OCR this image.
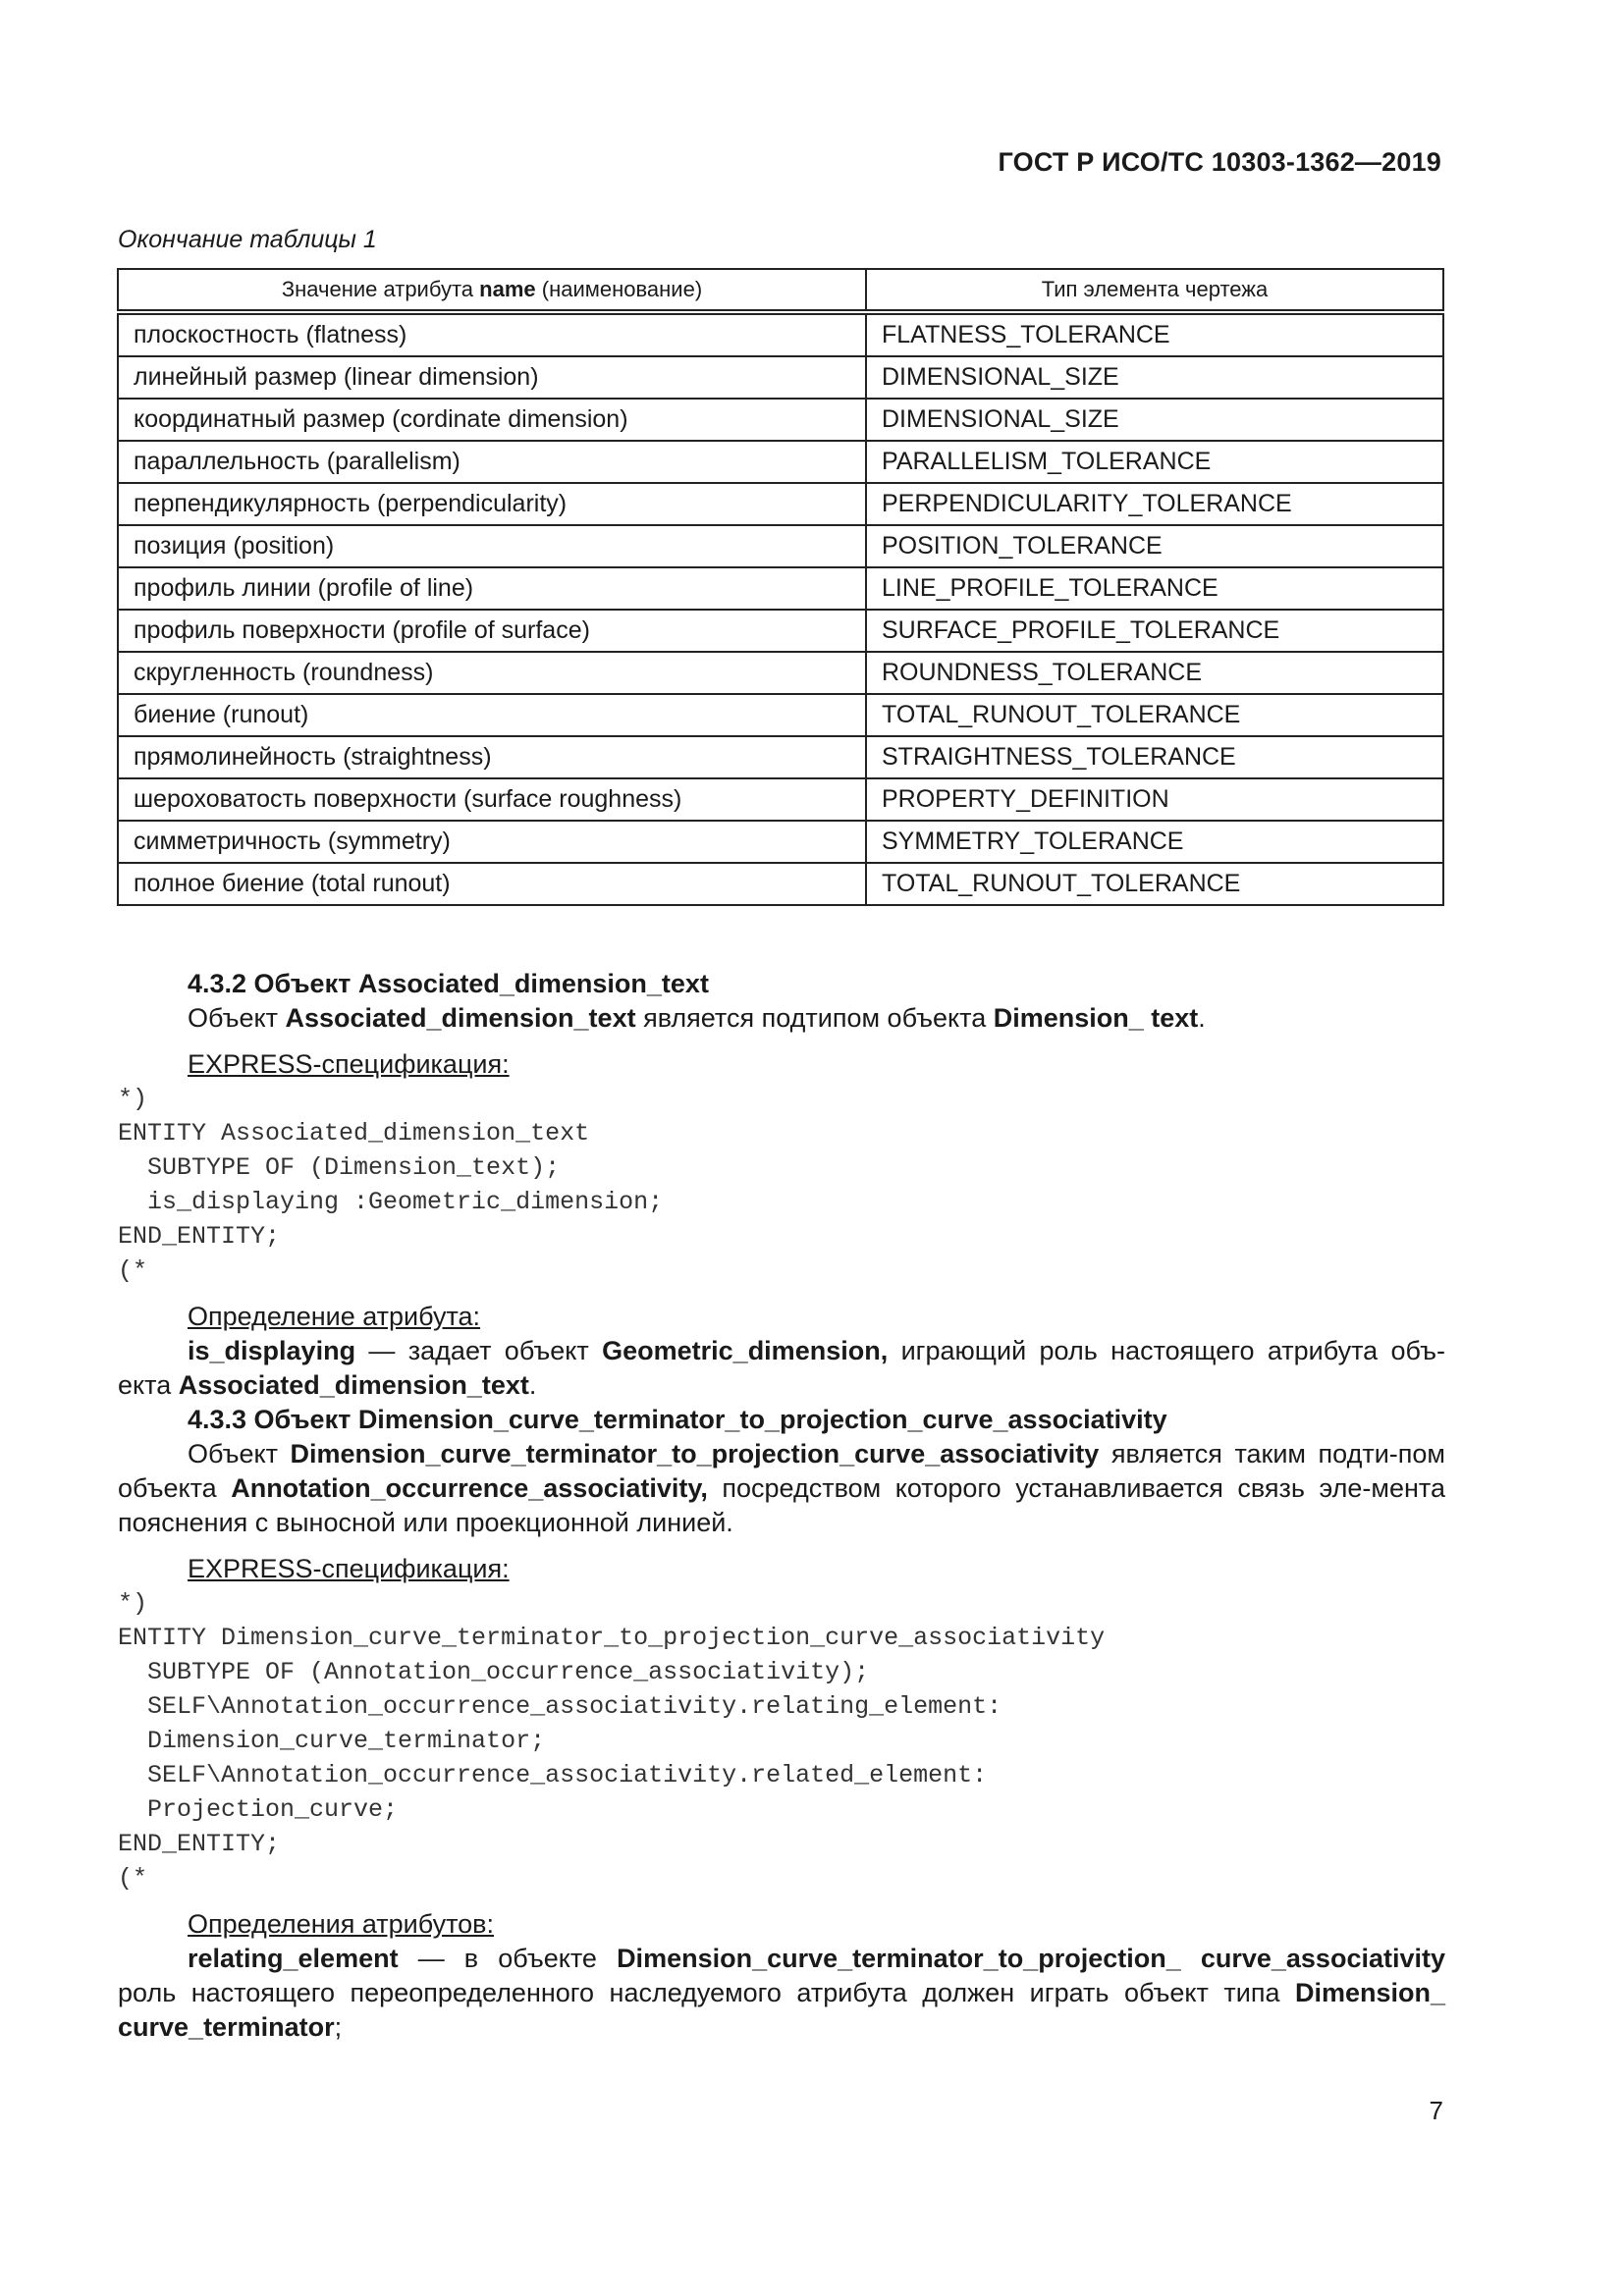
ГОСТ Р ИСО/ТС 10303-1362—2019
Окончание таблицы 1
Значение атрибута name (наименование)	Тип элемента чертежа
плоскостность (flatness)	FLATNESS_TOLERANCE
линейный размер (linear dimension)	DIMENSIONAL_SIZE
координатный размер (cordinate dimension)	DIMENSIONAL_SIZE
параллельность (parallelism)	PARALLELISM_TOLERANCE
перпендикулярность (perpendicularity)	PERPENDICULARITY_TOLERANCE
позиция (position)	POSITION_TOLERANCE
профиль линии (profile of line)	LINE_PROFILE_TOLERANCE
профиль поверхности (profile of surface)	SURFACE_PROFILE_TOLERANCE
скругленность (roundness)	ROUNDNESS_TOLERANCE
биение (runout)	TOTAL_RUNOUT_TOLERANCE
прямолинейность (straightness)	STRAIGHTNESS_TOLERANCE
шероховатость поверхности (surface roughness)	PROPERTY_DEFINITION
симметричность (symmetry)	SYMMETRY_TOLERANCE
полное биение (total runout)	TOTAL_RUNOUT_TOLERANCE

4.3.2 Объект Associated_dimension_text

Объект Associated_dimension_text является подтипом объекта Dimension_ text.

EXPRESS-спецификация:

*)
ENTITY Associated_dimension_text
SUBTYPE OF (Dimension_text);
is_displaying :Geometric_dimension;
END_ENTITY;
(*

Определение атрибута:

is_displaying — задает объект Geometric_dimension, играющий роль настоящего атрибута объ-екта Associated_dimension_text.

4.3.3 Объект Dimension_curve_terminator_to_projection_curve_associativity

Объект Dimension_curve_terminator_to_projection_curve_associativity является таким подти-пом объекта Annotation_occurrence_associativity, посредством которого устанавливается связь эле-мента пояснения с выносной или проекционной линией.

EXPRESS-спецификация:

*)
ENTITY Dimension_curve_terminator_to_projection_curve_associativity
SUBTYPE OF (Annotation_occurrence_associativity);
SELF\Annotation_occurrence_associativity.relating_element:
Dimension_curve_terminator;
SELF\Annotation_occurrence_associativity.related_element:
Projection_curve;
END_ENTITY;
(*

Определения атрибутов:

relating_element — в объекте Dimension_curve_terminator_to_projection_ curve_associativity роль настоящего переопределенного наследуемого атрибута должен играть объект типа Dimension_ curve_terminator;

7
